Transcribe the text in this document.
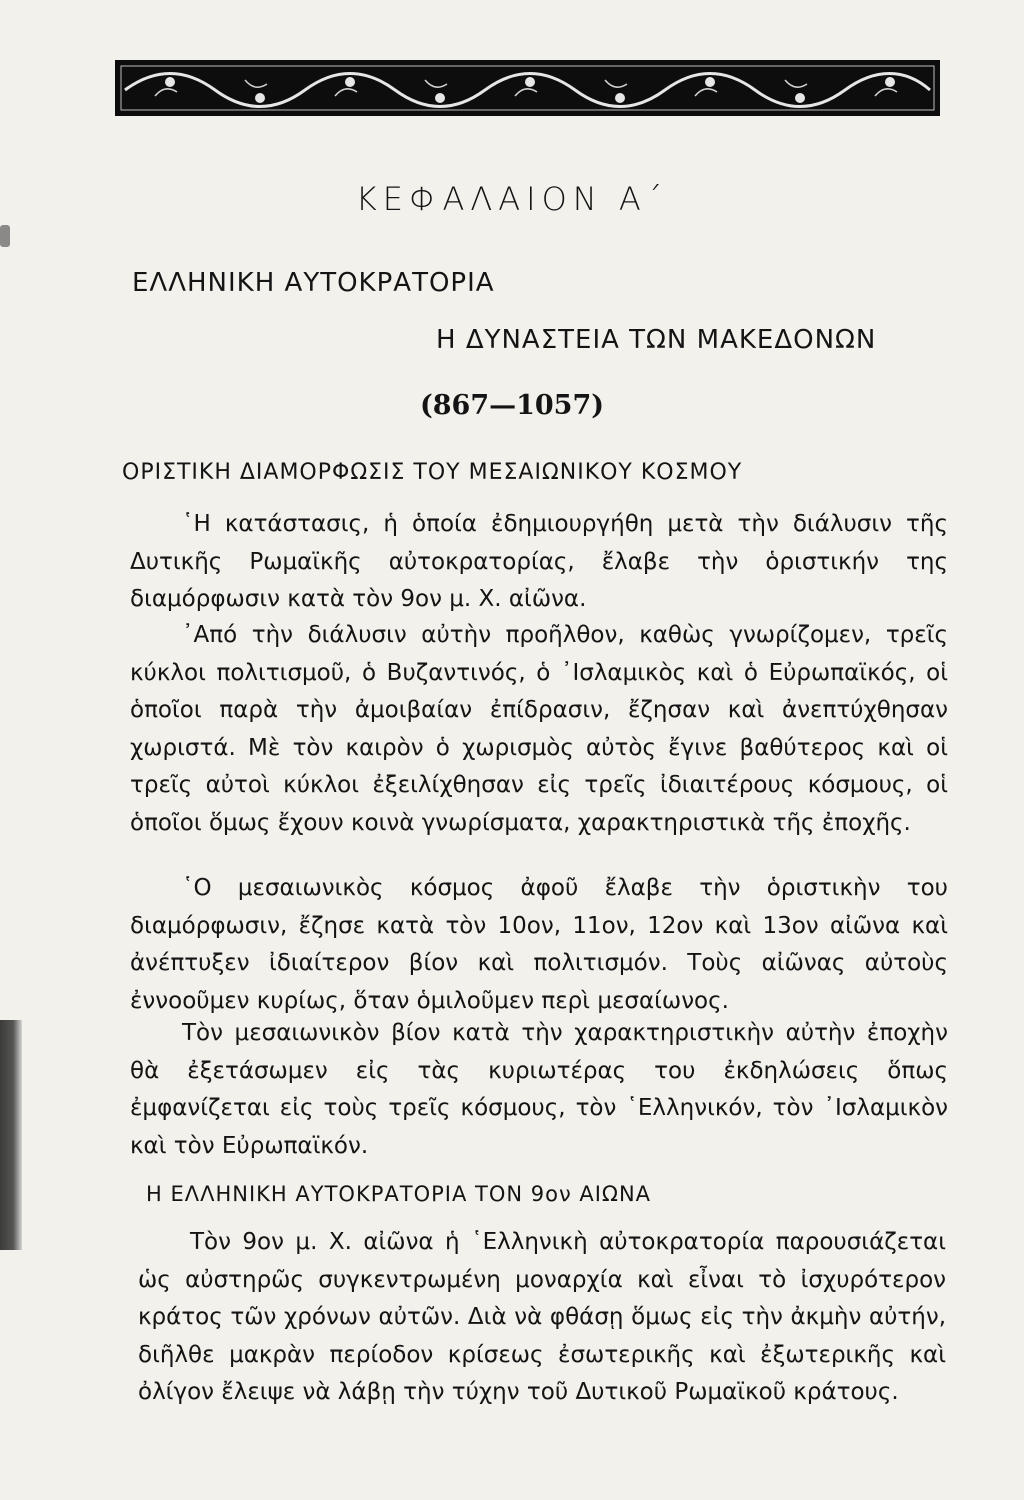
ΚΕΦΑΛΑΙΟΝ Α΄
ΕΛΛΗΝΙΚΗ ΑΥΤΟΚΡΑΤΟΡΙΑ
Η ΔΥΝΑΣΤΕΙΑ ΤΩΝ ΜΑΚΕΔΟΝΩΝ
(867—1057)
ΟΡΙΣΤΙΚΗ ΔΙΑΜΟΡΦΩΣΙΣ ΤΟΥ ΜΕΣΑΙΩΝΙΚΟΥ ΚΟΣΜΟΥ

῾Η κατάστασις, ἡ ὁποία ἐδημιουργήθη μετὰ τὴν διάλυσιν τῆς Δυτικῆς Ρωμαϊκῆς αὐτοκρατορίας, ἔλαβε τὴν ὁριστικήν της διαμόρφωσιν κατὰ τὸν 9ον μ. Χ. αἰῶνα.

᾿Από τὴν διάλυσιν αὐτὴν προῆλθον, καθὼς γνωρίζομεν, τρεῖς κύκλοι πολιτισμοῦ, ὁ Βυζαντινός, ὁ ᾿Ισλαμικὸς καὶ ὁ Εὐρωπαϊκός, οἱ ὁποῖοι παρὰ τὴν ἀμοιβαίαν ἐπίδρασιν, ἔζησαν καὶ ἀνεπτύχθησαν χωριστά. Μὲ τὸν καιρὸν ὁ χωρισμὸς αὐτὸς ἔγινε βαθύτερος καὶ οἱ τρεῖς αὐτοὶ κύκλοι ἐξειλίχθησαν εἰς τρεῖς ἰδιαιτέρους κόσμους, οἱ ὁποῖοι ὅμως ἔχουν κοινὰ γνωρίσματα, χαρακτηριστικὰ τῆς ἐποχῆς.

῾Ο μεσαιωνικὸς κόσμος ἀφοῦ ἔλαβε τὴν ὁριστικὴν του διαμόρφωσιν, ἔζησε κατὰ τὸν 10ον, 11ον, 12ον καὶ 13ον αἰῶνα καὶ ἀνέπτυξεν ἰδιαίτερον βίον καὶ πολιτισμόν. Τοὺς αἰῶνας αὐτοὺς ἐννοοῦμεν κυρίως, ὅταν ὁμιλοῦμεν περὶ μεσαίωνος.

Τὸν μεσαιωνικὸν βίον κατὰ τὴν χαρακτηριστικὴν αὐτὴν ἐποχὴν θὰ ἐξετάσωμεν εἰς τὰς κυριωτέρας του ἐκδηλώσεις ὅπως ἐμφανίζεται εἰς τοὺς τρεῖς κόσμους, τὸν ῾Ελληνικόν, τὸν ᾿Ισλαμικὸν καὶ τὸν Εὐρωπαϊκόν.

Η ΕΛΛΗΝΙΚΗ ΑΥΤΟΚΡΑΤΟΡΙΑ ΤΟΝ 9ον ΑΙΩΝΑ

Τὸν 9ον μ. Χ. αἰῶνα ἡ ῾Ελληνικὴ αὐτοκρατορία παρουσιάζεται ὡς αὐστηρῶς συγκεντρωμένη μοναρχία καὶ εἶναι τὸ ἰσχυρότερον κράτος τῶν χρόνων αὐτῶν. Διὰ νὰ φθάσῃ ὅμως εἰς τὴν ἀκμὴν αὐτήν, διῆλθε μακρὰν περίοδον κρίσεως ἐσωτερικῆς καὶ ἐξωτερικῆς καὶ ὀλίγον ἔλειψε νὰ λάβῃ τὴν τύχην τοῦ Δυτικοῦ Ρωμαϊκοῦ κράτους.
